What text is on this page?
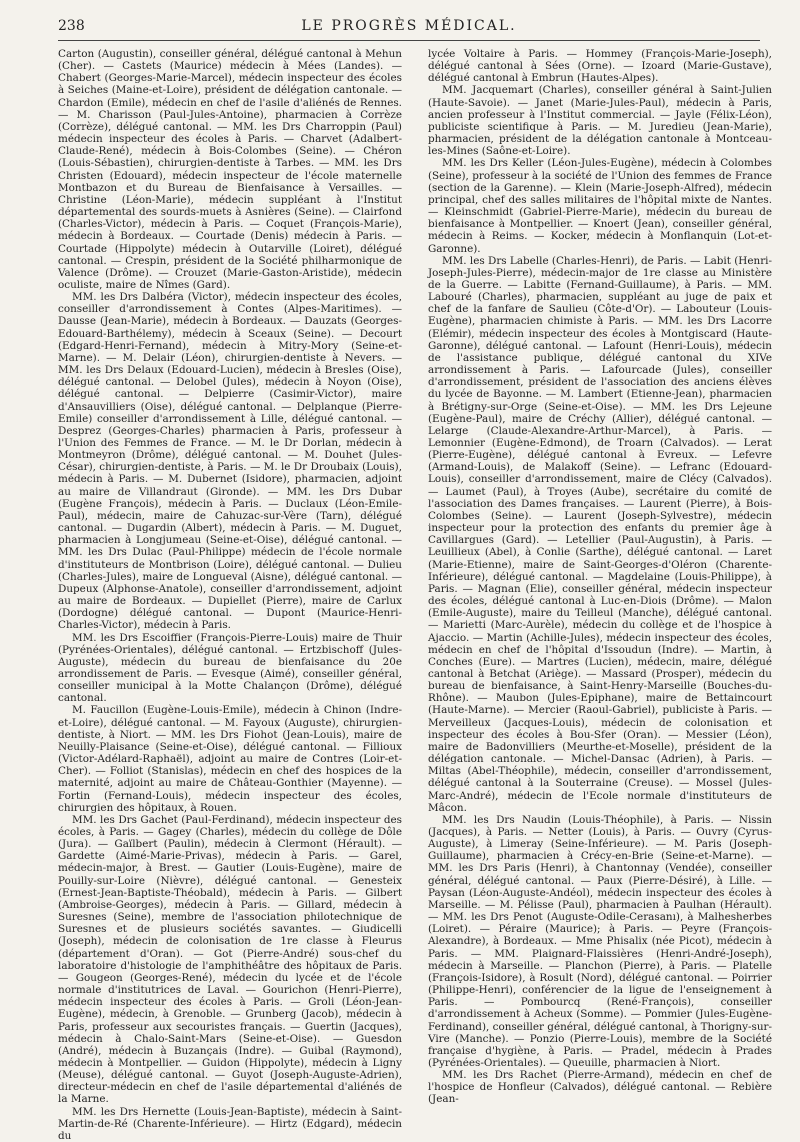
238	LE PROGRÈS MÉDICAL.

Carton (Augustin), conseiller général, délégué cantonal à Mehun (Cher). — Castets (Maurice) médecin à Mées (Landes). — Chabert (Georges-Marie-Marcel), médecin inspecteur des écoles à Seiches (Maine-et-Loire), président de délégation cantonale. — Chardon (Emile), médecin en chef de l'asile d'aliénés de Rennes. — M. Charisson (Paul-Jules-Antoine), pharmacien à Corrèze (Corrèze), délégué cantonal. — MM. les Drs Charroppin (Paul) médecin inspecteur des écoles à Paris. — Charvet (Adalbert-Claude-René), médecin à Bois-Colombes (Seine). — Chéron (Louis-Sébastien), chirurgien-dentiste à Tarbes. — MM. les Drs Christen (Edouard), médecin inspecteur de l'école maternelle Montbazon et du Bureau de Bienfaisance à Versailles. — Christine (Léon-Marie), médecin suppléant à l'Institut départemental des sourds-muets à Asnières (Seine). — Clairfond (Charles-Victor), médecin à Paris. — Coquet (François-Marie), médecin à Bordeaux. — Courtade (Denis) médecin à Paris. — Courtade (Hippolyte) médecin à Outarville (Loiret), délégué cantonal. — Crespin, président de la Société philharmonique de Valence (Drôme). — Crouzet (Marie-Gaston-Aristide), médecin oculiste, maire de Nîmes (Gard).

MM. les Drs Dalbéra (Victor), médecin inspecteur des écoles, conseiller d'arrondissement à Contes (Alpes-Maritimes). — Dausse (Jean-Marie), médecin à Bordeaux. — Dauzats (Georges-Edouard-Barthélemy), médecin à Sceaux (Seine). — Decourt (Edgard-Henri-Fernand), médecin à Mitry-Mory (Seine-et-Marne). — M. Delair (Léon), chirurgien-dentiste à Nevers. — MM. les Drs Delaux (Edouard-Lucien), médecin à Bresles (Oise), délégué cantonal. — Delobel (Jules), médecin à Noyon (Oise), délégué cantonal. — Delpierre (Casimir-Victor), maire d'Ansauvilliers (Oise), délégué cantonal. — Delplanque (Pierre-Emile) conseiller d'arrondissement à Lille, délégué cantonal. — Desprez (Georges-Charles) pharmacien à Paris, professeur à l'Union des Femmes de France. — M. le Dr Dorlan, médecin à Montmeyron (Drôme), délégué cantonal. — M. Douhet (Jules-César), chirurgien-dentiste, à Paris. — M. le Dr Droubaix (Louis), médecin à Paris. — M. Dubernet (Isidore), pharmacien, adjoint au maire de Villandraut (Gironde). — MM. les Drs Dubar (Eugène François), médecin à Paris. — Duclaux (Léon-Emile-Paul), médecin, maire de Cahuzac-sur-Vère (Tarn), délégué cantonal. — Dugardin (Albert), médecin à Paris. — M. Duguet, pharmacien à Longjumeau (Seine-et-Oise), délégué cantonal. — MM. les Drs Dulac (Paul-Philippe) médecin de l'école normale d'instituteurs de Montbrison (Loire), délégué cantonal. — Dulieu (Charles-Jules), maire de Longueval (Aisne), délégué cantonal. — Dupeux (Alphonse-Anatole), conseiller d'arrondissement, adjoint au maire de Bordeaux. — Dupiellet (Pierre), maire de Carlux (Dordogne) délégué cantonal. — Dupont (Maurice-Henri-Charles-Victor), médecin à Paris.

MM. les Drs Escoiffier (François-Pierre-Louis) maire de Thuir (Pyrénées-Orientales), délégué cantonal. — Ertzbischoff (Jules-Auguste), médecin du bureau de bienfaisance du 20e arrondissement de Paris. — Evesque (Aimé), conseiller général, conseiller municipal à la Motte Chalançon (Drôme), délégué cantonal.

M. Faucillon (Eugène-Louis-Emile), médecin à Chinon (Indre-et-Loire), délégué cantonal. — M. Fayoux (Auguste), chirurgien-dentiste, à Niort. — MM. les Drs Fiohot (Jean-Louis), maire de Neuilly-Plaisance (Seine-et-Oise), délégué cantonal. — Fillioux (Victor-Adélard-Raphaël), adjoint au maire de Contres (Loir-et-Cher). — Folliot (Stanislas), médecin en chef des hospices de la maternité, adjoint au maire de Château-Gonthier (Mayenne). — Fortin (Fernand-Louis), médecin inspecteur des écoles, chirurgien des hôpitaux, à Rouen.

MM. les Drs Gachet (Paul-Ferdinand), médecin inspecteur des écoles, à Paris. — Gagey (Charles), médecin du collège de Dôle (Jura). — Gaïlbert (Paulin), médecin à Clermont (Hérault). — Gardette (Aimé-Marie-Privas), médecin à Paris. — Garel, médecin-major, à Brest. — Gautier (Louis-Eugène), maire de Pouilly-sur-Loire (Nièvre), délégué cantonal. — Genesteix (Ernest-Jean-Baptiste-Théobald), médecin à Paris. — Gilbert (Ambroise-Georges), médecin à Paris. — Gillard, médecin à Suresnes (Seine), membre de l'association philotechnique de Suresnes et de plusieurs sociétés savantes. — Giudicelli (Joseph), médecin de colonisation de 1re classe à Fleurus (département d'Oran). — Got (Pierre-André) sous-chef du laboratoire d'histologie de l'amphithéâtre des hôpitaux de Paris. — Gougeon (Georges-René), médecin du lycée et de l'école normale d'institutrices de Laval. — Gourichon (Henri-Pierre), médecin inspecteur des écoles à Paris. — Groli (Léon-Jean-Eugène), médecin, à Grenoble. — Grunberg (Jacob), médecin à Paris, professeur aux secouristes français. — Guertin (Jacques), médecin à Chalo-Saint-Mars (Seine-et-Oise). — Guesdon (André), médecin à Buzançais (Indre). — Guibal (Raymond), médecin à Montpellier. — Guidon (Hippolyte), médecin à Ligny (Meuse), délégué cantonal. — Guyot (Joseph-Auguste-Adrien), directeur-médecin en chef de l'asile départemental d'aliénés de la Marne.

MM. les Drs Hernette (Louis-Jean-Baptiste), médecin à Saint-Martin-de-Ré (Charente-Inférieure). — Hirtz (Edgard), médecin du

lycée Voltaire à Paris. — Hommey (François-Marie-Joseph), délégué cantonal à Sées (Orne). — Izoard (Marie-Gustave), délégué cantonal à Embrun (Hautes-Alpes).

MM. Jacquemart (Charles), conseiller général à Saint-Julien (Haute-Savoie). — Janet (Marie-Jules-Paul), médecin à Paris, ancien professeur à l'Institut commercial. — Jayle (Félix-Léon), publiciste scientifique à Paris. — M. Juredieu (Jean-Marie), pharmacien, président de la délégation cantonale à Montceau-les-Mines (Saône-et-Loire).

MM. les Drs Keller (Léon-Jules-Eugène), médecin à Colombes (Seine), professeur à la société de l'Union des femmes de France (section de la Garenne). — Klein (Marie-Joseph-Alfred), médecin principal, chef des salles militaires de l'hôpital mixte de Nantes. — Kleinschmidt (Gabriel-Pierre-Marie), médecin du bureau de bienfaisance à Montpellier. — Knoert (Jean), conseiller général, médecin à Reims. — Kocker, médecin à Monflanquin (Lot-et-Garonne).

MM. les Drs Labelle (Charles-Henri), de Paris. — Labit (Henri-Joseph-Jules-Pierre), médecin-major de 1re classe au Ministère de la Guerre. — Labitte (Fernand-Guillaume), à Paris. — MM. Labouré (Charles), pharmacien, suppléant au juge de paix et chef de la fanfare de Saulieu (Côte-d'Or). — Labouteur (Louis-Eugène), pharmacien chimiste à Paris. — MM. les Drs Lacorre (Elémir), médecin inspecteur des écoles à Montgiscard (Haute-Garonne), délégué cantonal. — Lafount (Henri-Louis), médecin de l'assistance publique, délégué cantonal du XIVe arrondissement à Paris. — Lafourcade (Jules), conseiller d'arrondissement, président de l'association des anciens élèves du lycée de Bayonne. — M. Lambert (Etienne-Jean), pharmacien à Brétigny-sur-Orge (Seine-et-Oise). — MM. les Drs Lejeune (Eugène-Paul), maire de Créchy (Allier), délégué cantonal. — Lelarge (Claude-Alexandre-Arthur-Marcel), à Paris. — Lemonnier (Eugène-Edmond), de Troarn (Calvados). — Lerat (Pierre-Eugène), délégué cantonal à Evreux. — Lefevre (Armand-Louis), de Malakoff (Seine). — Lefranc (Edouard-Louis), conseiller d'arrondissement, maire de Clécy (Calvados). — Laumet (Paul), à Troyes (Aube), secrétaire du comité de l'association des Dames françaises. — Laurent (Pierre), à Bois-Colombes (Seine). — Laurent (Joseph-Sylvestre), médecin inspecteur pour la protection des enfants du premier âge à Cavillargues (Gard). — Letellier (Paul-Augustin), à Paris. — Leuillieux (Abel), à Conlie (Sarthe), délégué cantonal. — Laret (Marie-Etienne), maire de Saint-Georges-d'Oléron (Charente-Inférieure), délégué cantonal. — Magdelaine (Louis-Philippe), à Paris. — Magnan (Elie), conseiller général, médecin inspecteur des écoles, délégué cantonal à Luc-en-Diois (Drôme). — Malon (Emile-Auguste), maire du Teilleul (Manche), délégué cantonal. — Marietti (Marc-Aurèle), médecin du collège et de l'hospice à Ajaccio. — Martin (Achille-Jules), médecin inspecteur des écoles, médecin en chef de l'hôpital d'Issoudun (Indre). — Martin, à Conches (Eure). — Martres (Lucien), médecin, maire, délégué cantonal à Betchat (Ariège). — Massard (Prosper), médecin du bureau de bienfaisance, à Saint-Henry-Marseille (Bouches-du-Rhône). — Maubon (Jules-Epiphane), maire de Bettaincourt (Haute-Marne). — Mercier (Raoul-Gabriel), publiciste à Paris. — Merveilleux (Jacques-Louis), médecin de colonisation et inspecteur des écoles à Bou-Sfer (Oran). — Messier (Léon), maire de Badonvilliers (Meurthe-et-Moselle), président de la délégation cantonale. — Michel-Dansac (Adrien), à Paris. — Miltas (Abel-Théophile), médecin, conseiller d'arrondissement, délégué cantonal à la Souterraine (Creuse). — Mossel (Jules-Marc-André), médecin de l'Ecole normale d'instituteurs de Mâcon.

MM. les Drs Naudin (Louis-Théophile), à Paris. — Nissin (Jacques), à Paris. — Netter (Louis), à Paris. — Ouvry (Cyrus-Auguste), à Limeray (Seine-Inférieure). — M. Paris (Joseph-Guillaume), pharmacien à Crécy-en-Brie (Seine-et-Marne). — MM. les Drs Paris (Henri), à Chantonnay (Vendée), conseiller général, délégué cantonal. — Paux (Pierre-Désiré), à Lille. — Paysan (Léon-Auguste-Andéol), médecin inspecteur des écoles à Marseille. — M. Pélisse (Paul), pharmacien à Paulhan (Hérault). — MM. les Drs Penot (Auguste-Odile-Cerasanı), à Malhesherbes (Loiret). — Péraire (Maurice); à Paris. — Peyre (François-Alexandre), à Bordeaux. — Mme Phisalix (née Picot), médecin à Paris. — MM. Plaignard-Flaissières (Henri-André-Joseph), médecin à Marseille. — Planchon (Pierre), à Paris. — Platelle (François-Isidore), à Rosult (Nord), délégué cantonal. — Poirrier (Philippe-Henri), conférencier de la ligue de l'enseignement à Paris. — Pombourcq (René-François), conseiller d'arrondissement à Acheux (Somme). — Pommier (Jules-Eugène-Ferdinand), conseiller général, délégué cantonal, à Thorigny-sur-Vire (Manche). — Ponzio (Pierre-Louis), membre de la Société française d'hygiène, à Paris. — Pradel, médecin à Prades (Pyrénées-Orientales). — Queuille, pharmacien à Niort.

MM. les Drs Rachet (Pierre-Armand), médecin en chef de l'hospice de Honfleur (Calvados), délégué cantonal. — Rebière (Jean-
